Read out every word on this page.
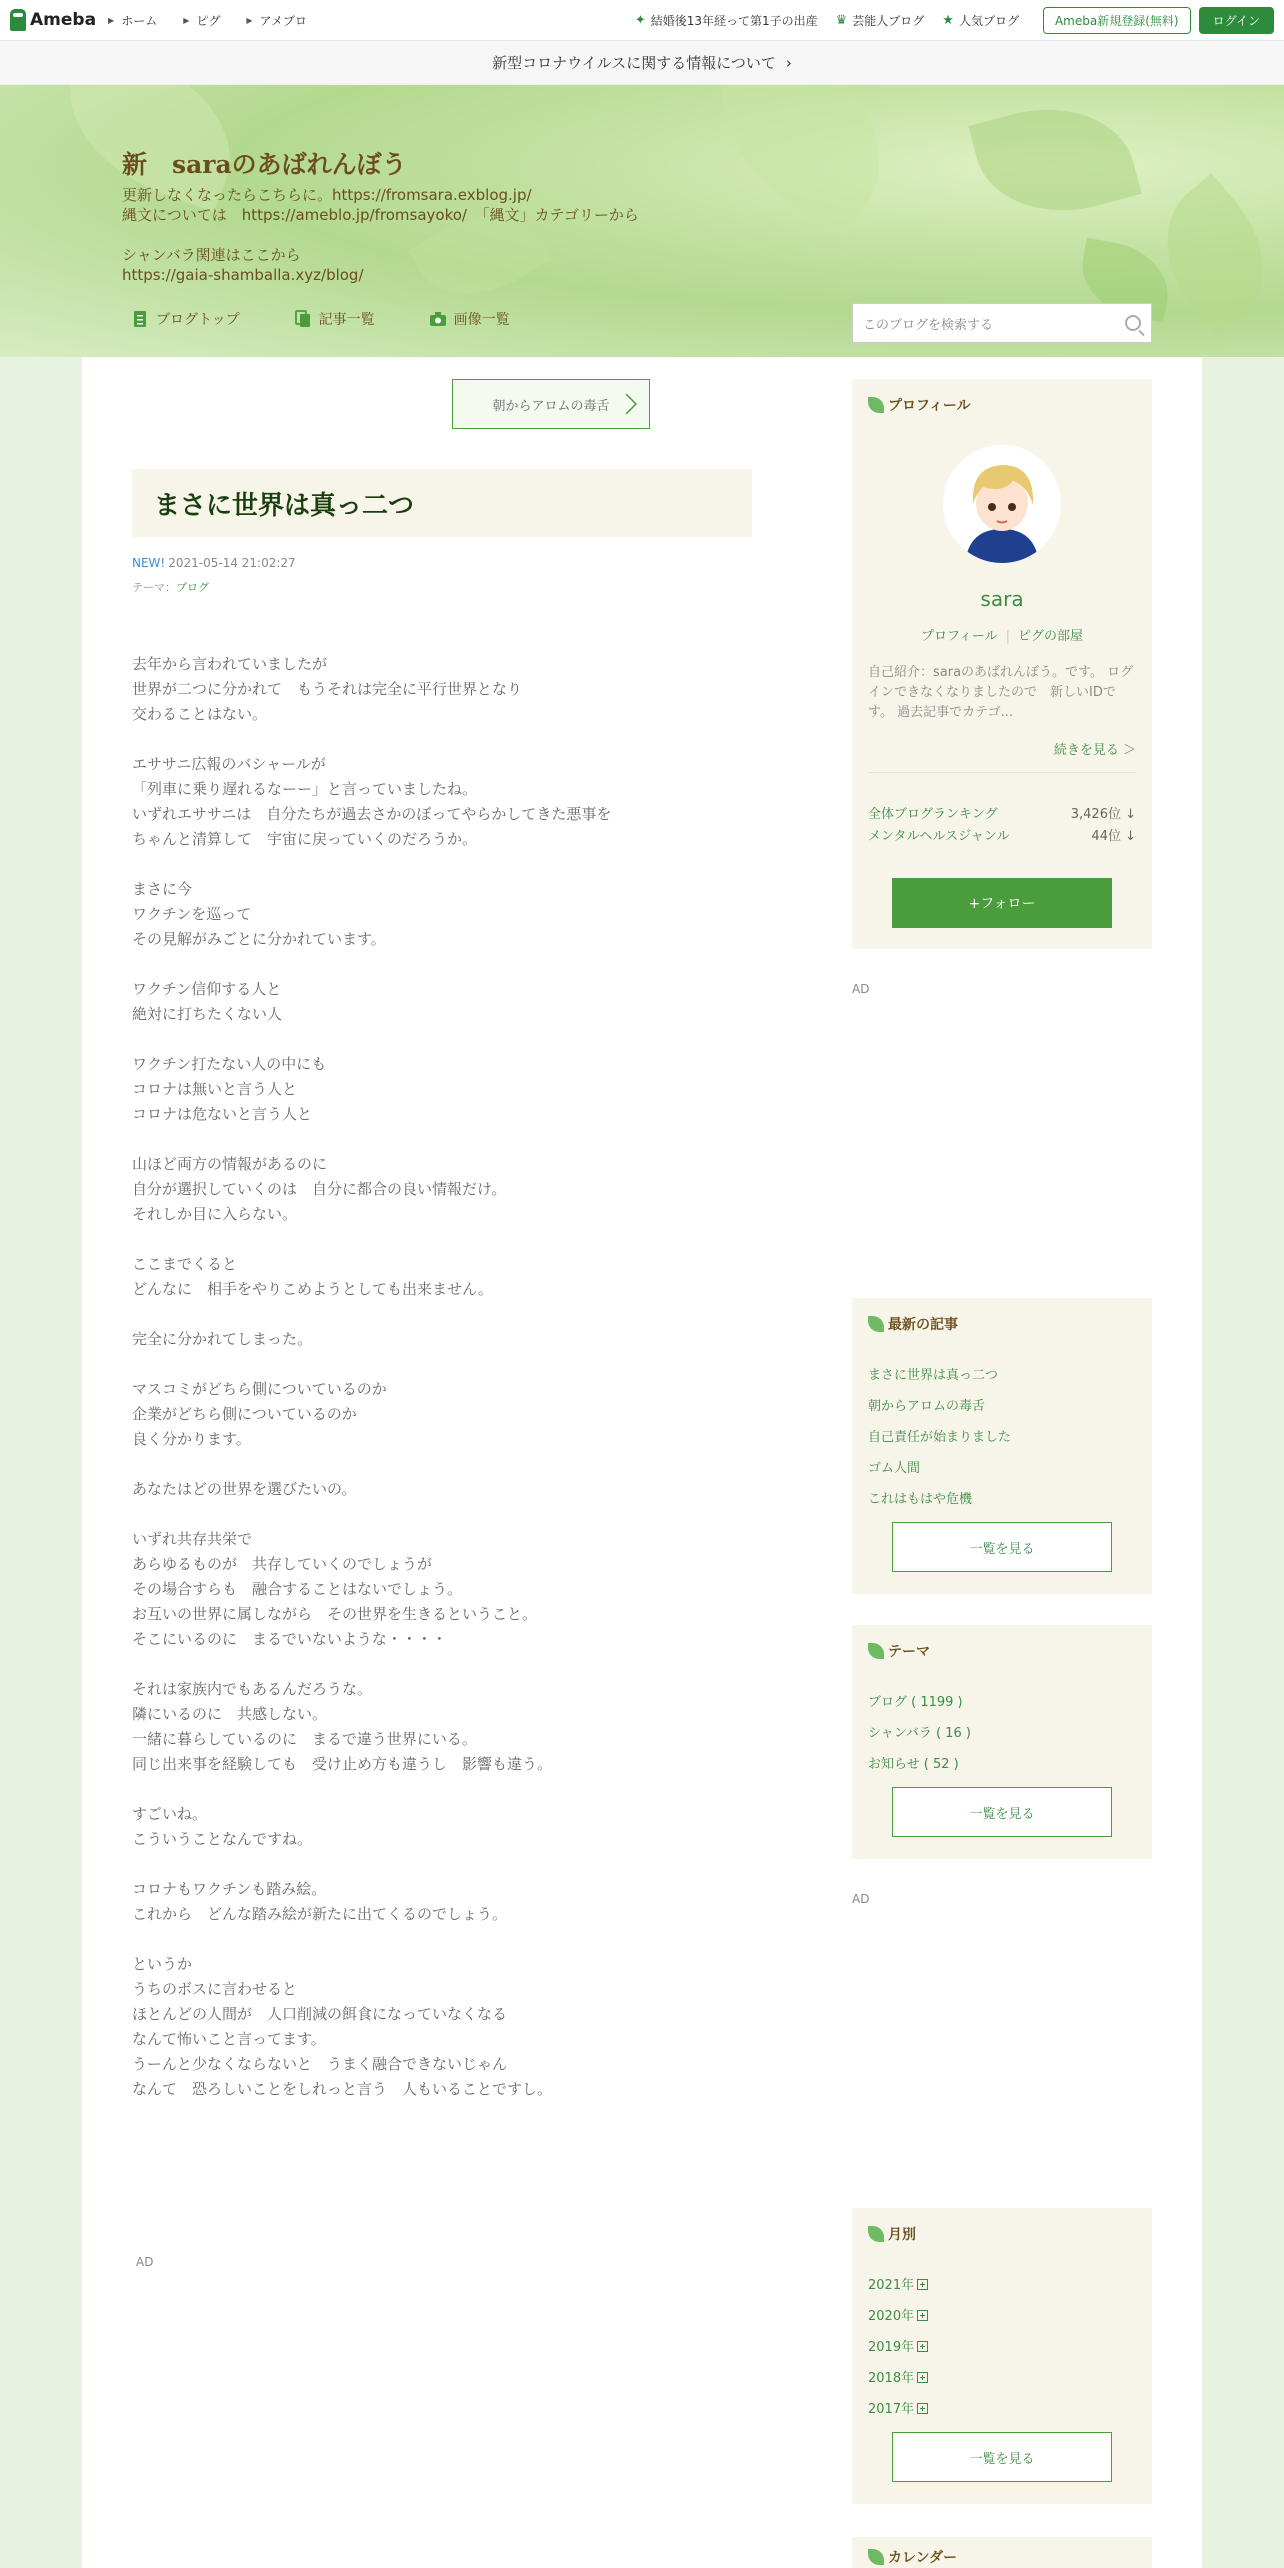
Ameba ▶ ホーム	▶ ピグ	▶ アメブロ	✦ 結婚後13年経って第1子の出産 ♛ 芸能人ブログ ★ 人気ブログ	Ameba新規登録(無料)	ログイン
新型コロナウイルスに関する情報について ›
新　saraのあばれんぼう
更新しなくなったらこちらに。https://fromsara.exblog.jp/
縄文については　https://ameblo.jp/fromsayoko/　「縄文」カテゴリーから

シャンバラ関連はここから
https://gaia-shamballa.xyz/blog/
ブログトップ	記事一覧	画像一覧	このブログを検索する
朝からアロムの毒舌
まさに世界は真っ二つ
NEW! 2021-05-14 21:02:27
テーマ：ブログ

去年から言われていましたが
世界が二つに分かれて　もうそれは完全に平行世界となり
交わることはない。

エササニ広報のバシャールが
「列車に乗り遅れるなーー」と言っていましたね。
いずれエササニは　自分たちが過去さかのぼってやらかしてきた悪事を
ちゃんと清算して　宇宙に戻っていくのだろうか。

まさに今
ワクチンを巡って
その見解がみごとに分かれています。

ワクチン信仰する人と
絶対に打ちたくない人

ワクチン打たない人の中にも
コロナは無いと言う人と
コロナは危ないと言う人と

山ほど両方の情報があるのに
自分が選択していくのは　自分に都合の良い情報だけ。
それしか目に入らない。

ここまでくると
どんなに　相手をやりこめようとしても出来ません。

完全に分かれてしまった。

マスコミがどちら側についているのか
企業がどちら側についているのか
良く分かります。

あなたはどの世界を選びたいの。

いずれ共存共栄で
あらゆるものが　共存していくのでしょうが
その場合すらも　融合することはないでしょう。
お互いの世界に属しながら　その世界を生きるということ。
そこにいるのに　まるでいないような・・・・

それは家族内でもあるんだろうな。
隣にいるのに　共感しない。
一緒に暮らしているのに　まるで違う世界にいる。
同じ出来事を経験しても　受け止め方も違うし　影響も違う。

すごいね。
こういうことなんですね。

コロナもワクチンも踏み絵。
これから　どんな踏み絵が新たに出てくるのでしょう。

というか
うちのボスに言わせると
ほとんどの人間が　人口削減の餌食になっていなくなる
なんて怖いこと言ってます。
うーんと少なくならないと　うまく融合できないじゃん
なんて　恐ろしいことをしれっと言う　人もいることですし。

AD
プロフィール
sara
プロフィール | ピグの部屋
自己紹介：saraのあばれんぼう。です。 ログインできなくなりましたので　新しいIDです。 過去記事でカテゴ...
続きを見る ＞
全体ブログランキング	3,426位 ↓
メンタルヘルスジャンル	44位 ↓
+フォロー
AD
最新の記事
まさに世界は真っ二つ
朝からアロムの毒舌
自己責任が始まりました
ゴム人間
これはもはや危機
一覧を見る
テーマ
ブログ ( 1199 )
シャンバラ ( 16 )
お知らせ ( 52 )
一覧を見る
AD
月別
2021年
2020年
2019年
2018年
2017年
一覧を見る
カレンダー
